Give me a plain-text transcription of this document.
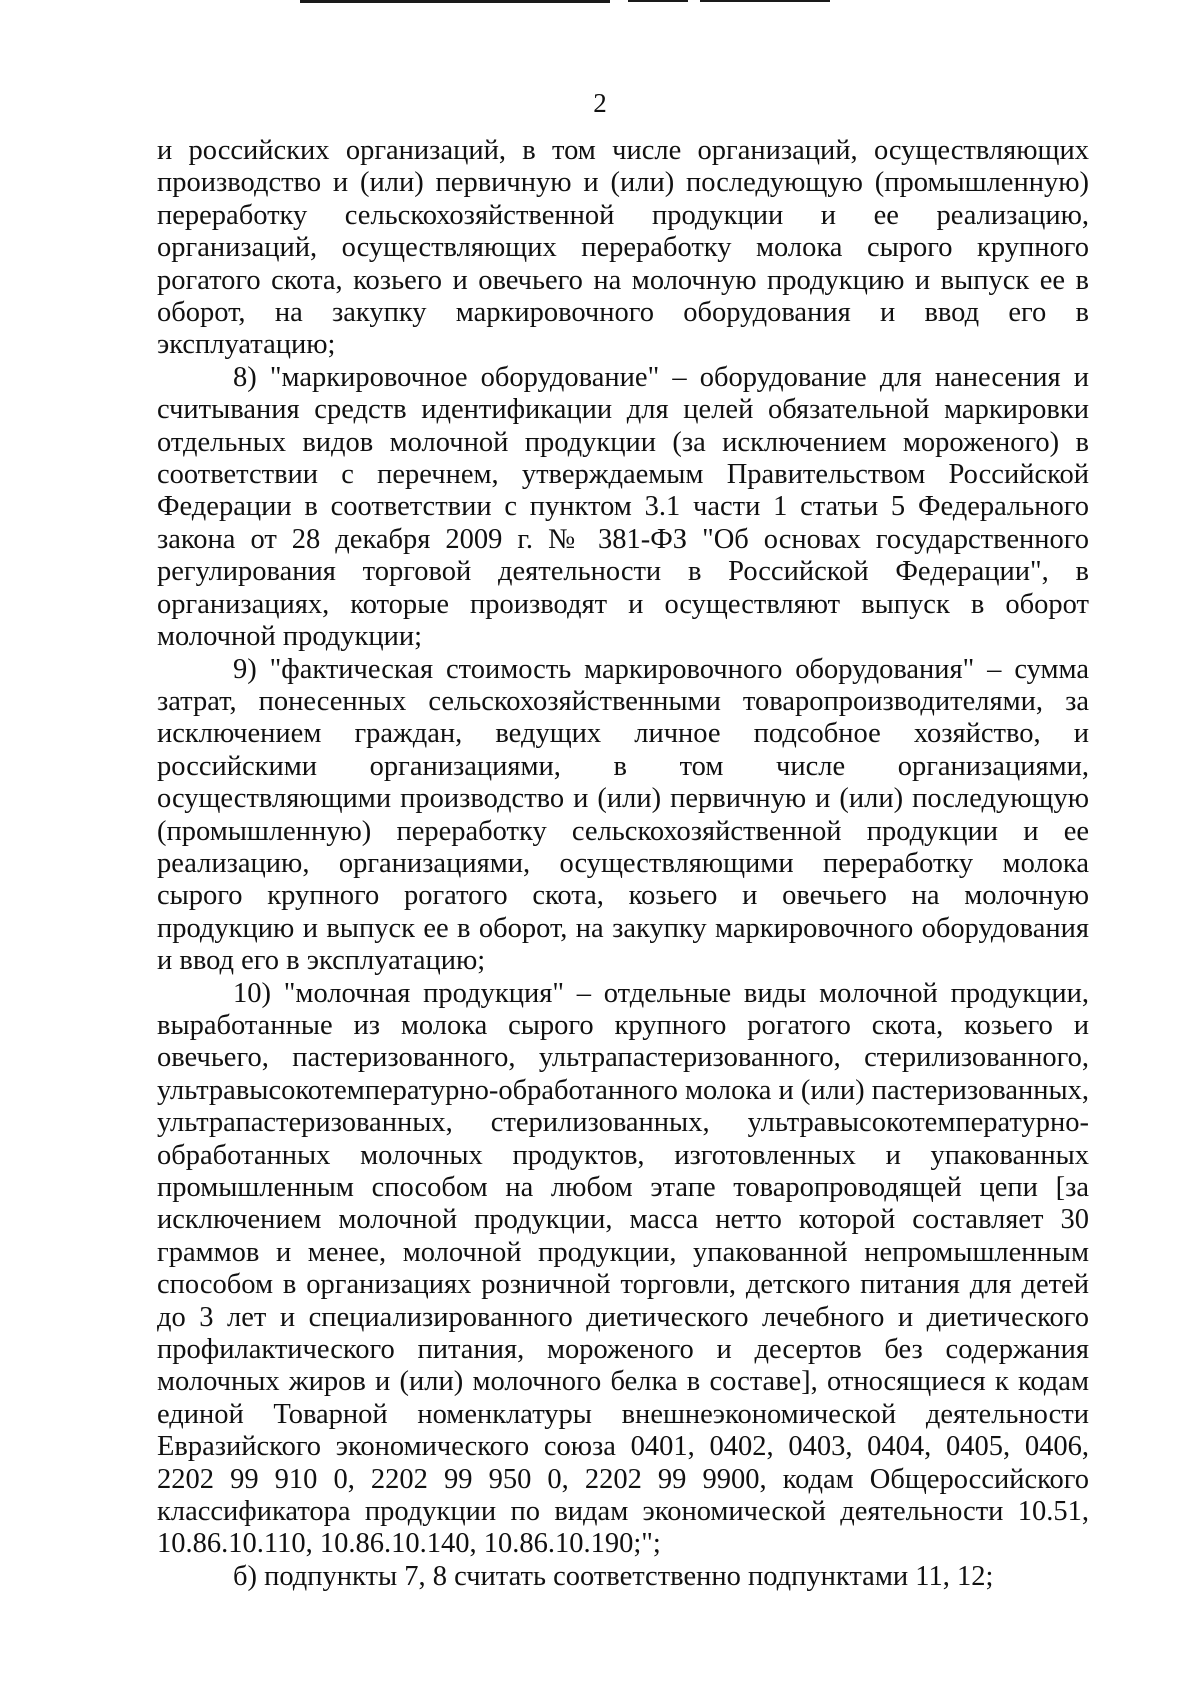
2

и российских организаций, в том числе организаций, осуществляющих производство и (или) первичную и (или) последующую (промышленную) переработку сельскохозяйственной продукции и ее реализацию, организаций, осуществляющих переработку молока сырого крупного рогатого скота, козьего и овечьего на молочную продукцию и выпуск ее в оборот, на закупку маркировочного оборудования и ввод его в эксплуатацию;

8) "маркировочное оборудование" – оборудование для нанесения и считывания средств идентификации для целей обязательной маркировки отдельных видов молочной продукции (за исключением мороженого) в соответствии с перечнем, утверждаемым Правительством Российской Федерации в соответствии с пунктом 3.1 части 1 статьи 5 Федерального закона от 28 декабря 2009 г. № 381-ФЗ "Об основах государственного регулирования торговой деятельности в Российской Федерации", в организациях, которые производят и осуществляют выпуск в оборот молочной продукции;

9) "фактическая стоимость маркировочного оборудования" – сумма затрат, понесенных сельскохозяйственными товаропроизводителями, за исключением граждан, ведущих личное подсобное хозяйство, и российскими организациями, в том числе организациями, осуществляющими производство и (или) первичную и (или) последующую (промышленную) переработку сельскохозяйственной продукции и ее реализацию, организациями, осуществляющими переработку молока сырого крупного рогатого скота, козьего и овечьего на молочную продукцию и выпуск ее в оборот, на закупку маркировочного оборудования и ввод его в эксплуатацию;

10) "молочная продукция" – отдельные виды молочной продукции, выработанные из молока сырого крупного рогатого скота, козьего и овечьего, пастеризованного, ультрапастеризованного, стерилизованного, ультравысокотемпературно-обработанного молока и (или) пастеризованных, ультрапастеризованных, стерилизованных, ультравысокотемпературно-обработанных молочных продуктов, изготовленных и упакованных промышленным способом на любом этапе товаропроводящей цепи [за исключением молочной продукции, масса нетто которой составляет 30 граммов и менее, молочной продукции, упакованной непромышленным способом в организациях розничной торговли, детского питания для детей до 3 лет и специализированного диетического лечебного и диетического профилактического питания, мороженого и десертов без содержания молочных жиров и (или) молочного белка в составе], относящиеся к кодам единой Товарной номенклатуры внешнеэкономической деятельности Евразийского экономического союза 0401, 0402, 0403, 0404, 0405, 0406, 2202 99 910 0, 2202 99 950 0, 2202 99 9900, кодам Общероссийского классификатора продукции по видам экономической деятельности 10.51, 10.86.10.110, 10.86.10.140, 10.86.10.190;";

б) подпункты 7, 8 считать соответственно подпунктами 11, 12;
